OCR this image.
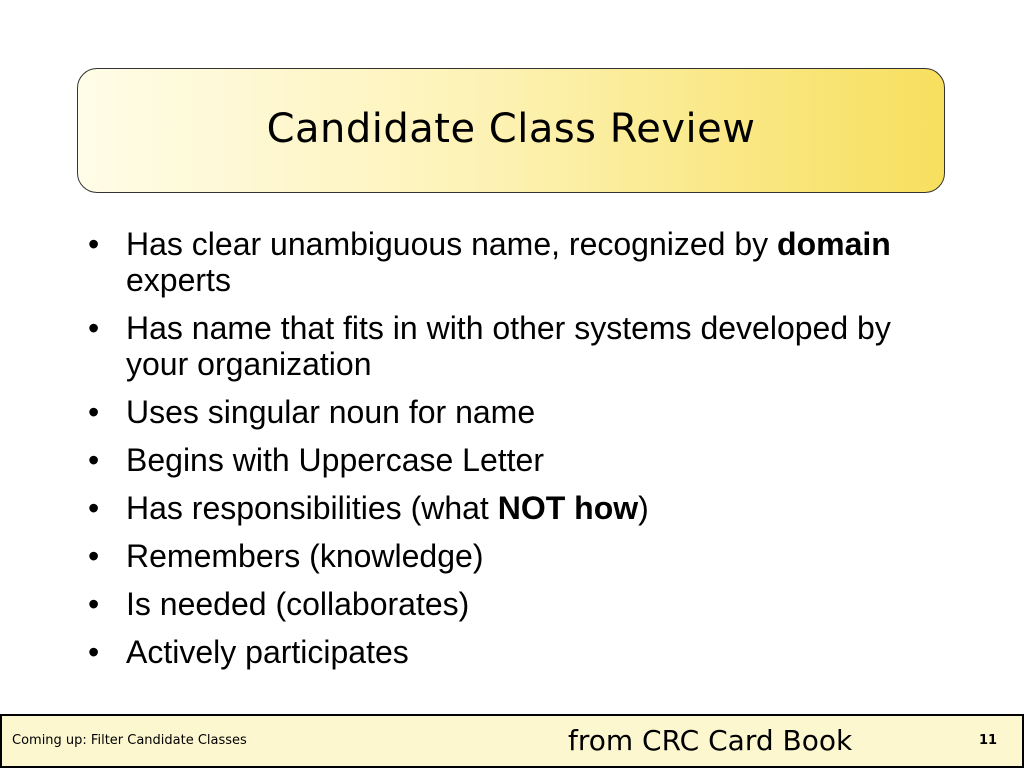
Candidate Class Review
• Has clear unambiguous name, recognized by domain experts
• Has name that fits in with other systems developed by your organization
• Uses singular noun for name
• Begins with Uppercase Letter
• Has responsibilities (what NOT how)
• Remembers (knowledge)
• Is needed (collaborates)
• Actively participates
Coming up: Filter Candidate Classes	from CRC Card Book	11
